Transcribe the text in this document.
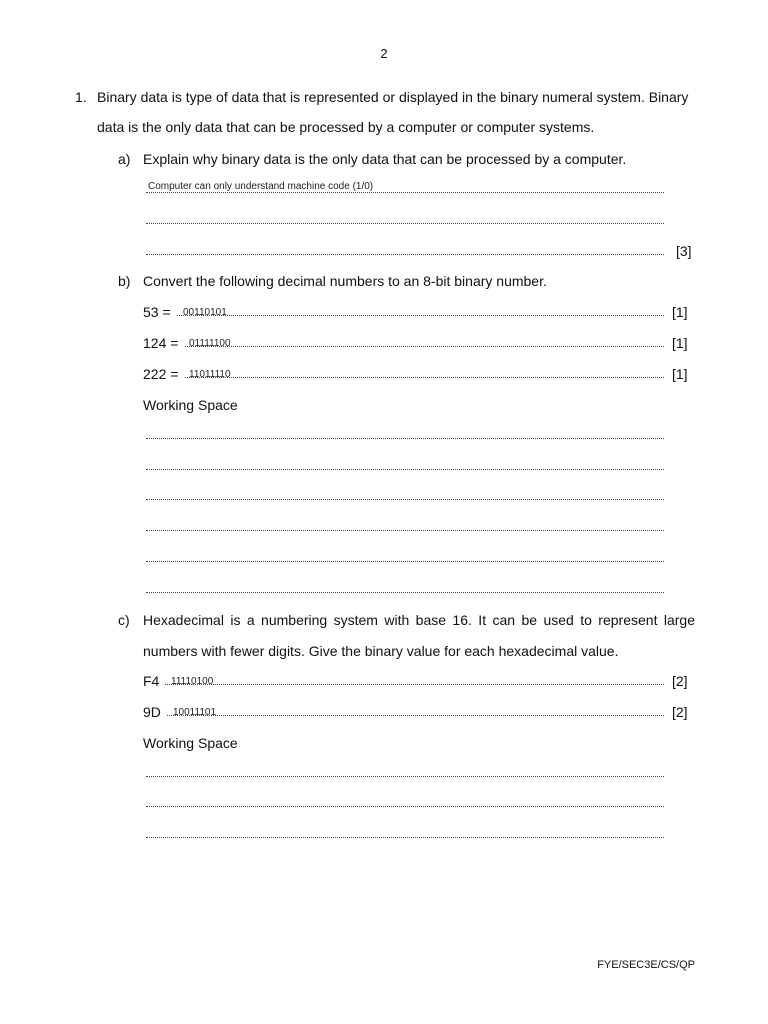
2
1. Binary data is type of data that is represented or displayed in the binary numeral system. Binary
data is the only data that can be processed by a computer or computer systems.
a) Explain why binary data is the only data that can be processed by a computer.
Computer can only understand machine code (1/0)
[3]
b) Convert the following decimal numbers to an 8-bit binary number.
53 = 00110101	[1]
124 = 01111100	[1]
222 = 11011110	[1]
Working Space
c) Hexadecimal is a numbering system with base 16. It can be used to represent large
numbers with fewer digits. Give the binary value for each hexadecimal value.
F4 11110100	[2]
9D 10011101	[2]
Working Space
FYE/SEC3E/CS/QP
